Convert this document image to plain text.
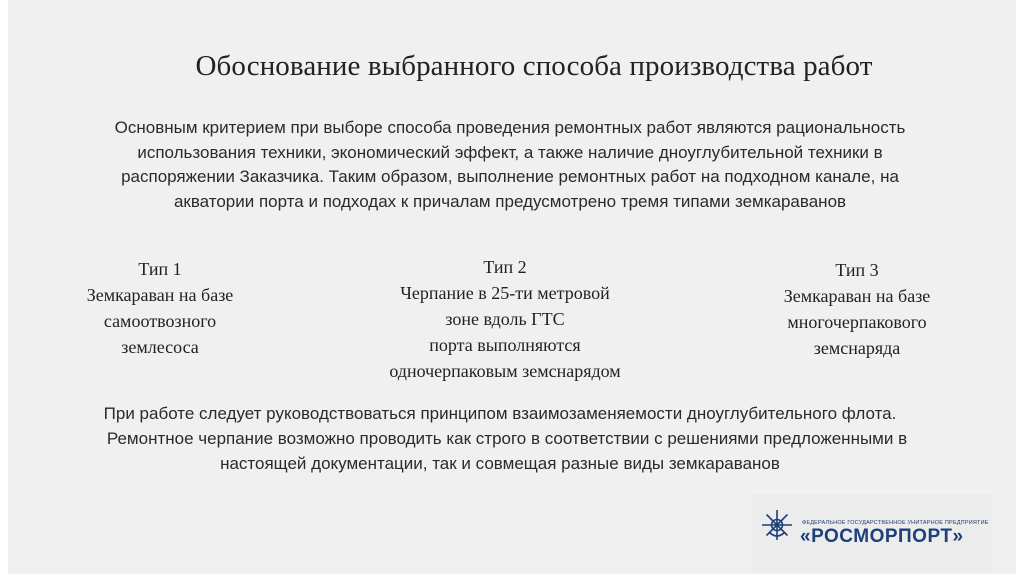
Обоснование выбранного способа производства работ
Основным критерием при выборе способа проведения ремонтных работ являются рациональность
использования техники, экономический эффект, а также наличие дноуглубительной техники в
распоряжении Заказчика. Таким образом, выполнение ремонтных работ на подходном канале, на
акватории порта и подходах к причалам предусмотрено тремя типами земкараванов
Тип 1
Земкараван на базе
самоотвозного
землесоса
Тип 2
Черпание в 25-ти метровой
зоне вдоль ГТС
порта выполняются
одночерпаковым земснарядом
Тип 3
Земкараван на базе
многочерпакового
земснаряда
При работе следует руководствоваться принципом взаимозаменяемости дноуглубительного флота.
Ремонтное черпание возможно проводить как строго в соответствии с решениями предложенными в
настоящей документации, так и совмещая разные виды земкараванов
ФЕДЕРАЛЬНОЕ ГОСУДАРСТВЕННОЕ УНИТАРНОЕ ПРЕДПРИЯТИЕ
«РОСМОРПОРТ»
